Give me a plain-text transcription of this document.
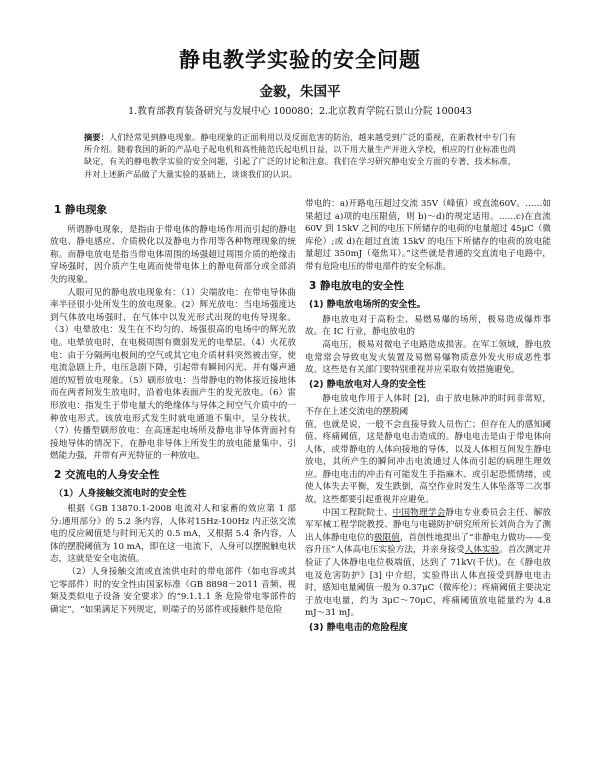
静电教学实验的安全问题
金毅，朱国平
1.教育部教育装备研究与发展中心 100080；2.北京教育学院石景山分院 100043
摘要：人们经常见到静电现象。静电现象的正面利用以及反面危害的防治，越来越受到广泛的重视，在新教材中专门有所介绍。随着我国的新的产品电子起电机和高性能范氏起电机日益，以下用大量生产并进入学校，相应的行业标准也尚缺定，有关的静电教学实验的安全问题，引起了广泛的讨论和注意。我们在学习研究静电安全方面的专著、技术标准，并对上述新产品做了大量实验的基础上，谈谈我们的认识。
1 静电现象

所谓静电现象，是指由于带电体的静电场作用而引起的静电放电、静电感应、介质极化以及静电力作用等各种物理现象的统称。而静电放电是指当带电体周围的场强超过周围介质的绝缘击穿场强时，因介质产生电离而使带电体上的静电荷部分或全部消失的现象。

人眼可见的静电放电现象有：（1）尖端放电：在带电导体曲率半径很小处所发生的放电现象。(2）辉光放电：当电场强度达到气体放电场强时，在气体中以发光形式出现的电传导现象。（3）电晕放电：发生在不均匀的、场强很高的电场中的辉光放电。电晕放电时，在电极周围有微弱发光的电晕层。（4）火花放电：由于分隔两电极间的空气或其它电介质材料突然被击穿，使电流急剧上升，电压急剧下降，引起带有瞬间闪光、并有爆声通道的短暂放电现象。（5）刷形放电：当带静电的物体接近接地体而在两者间发生放电时，沿着电体表面产生的发光放电。（6）雷形放电：指发生于带电量大的绝缘体与导体之间空气介质中的一种放电形式。该放电形式发生时就电通道不集中，呈分枝状。（7）传播型刷形放电：在高速起电场所及静电非导体背面衬有接地导体的情况下，在静电非导体上所发生的放电能量集中、引燃能力强，并带有声光特征的一种放电。

2 交流电的人身安全性
（1）人身接触交流电时的安全性

根据《GB 13870.1-2008 电流对人和家畜的效应第 1 部分:通用部分》的 5.2 条内容，人体对15Hz-100Hz 内正弦交流电的反应阈值是与时间无关的 0.5 mA，又根据 5.4 条内容，人体的摆脱阈值为 10 mA，即在这一电流下，人身可以摆脱触电状态，这就是安全电流值。

（2）人身接触交流或直流供电时的带电部件（如电容或其它零部件）时的安全性由国家标准《GB 8898－2011 音频、视频及类似电子设备 安全要求》的“9.1.1.1 条 危险带电零部件的确定”，“如果满足下列规定，则端子的另部件或接触件是危险

带电的：a)开路电压超过交流 35V（峰值）或直流60V。……如果超过 a)项的电压限值，则 b)～d)的规定适用。……c)在直流 60V 到 15kV 之间的电压下所储存的电荷的电量超过 45μC（微库伦）;或 d)在超过直流 15kV 的电压下所储存的电荷的放电能量超过 350mJ（毫焦耳）。”这些就是普通的交直流电子电路中，带有危险电压的带电部件的安全标准。

3 静电放电的安全性
(1) 静电放电场所的安全性。

静电放电对于高粉尘、易燃易爆的场所，极易造成爆炸事故。在 IC 行业，静电放电的

高电压，极易对微电子电路造成损害。在军工领域，静电放电常常会导致电发火装置及易燃易爆物质意外发火形成恶性事故。这些是有关部门要特别重视并应采取有效措施避免。

(2) 静电放电对人身的安全性

静电放电作用于人体时 [2]，由于放电脉冲的时间非常短，不存在上述交流电的摆脱阈

值，也就是说，一般不会直接导致人员伤亡；但存在人的感知阈值、疼痛阈值，这是静电电击造成的。静电电击是由于带电体向人体，或带静电的人体向接地的导体，以及人体相互间发生静电放电，其所产生的瞬间冲击电流通过人体而引起的病理生理效应。静电电击的冲击有可能发生手指麻木、或引起恐慌情绪，或使人体失去平衡，发生跌倒，高空作业时发生人体坠落等二次事故，这些都要引起重视并应避免。

中国工程院院士、中国物理学会静电专业委员会主任、解放军军械工程学院教授、静电与电磁防护研究所所长刘尚合为了测出人体静电电位的极限值，首创性地提出了“非静电力做功——变容升压”人体高电压实验方法，并亲身接受人体实验。首次测定并验证了人体静电电位极端值，达到了 71kV(千伏)。在《静电放电及危害防护》[3] 中介绍，实验得出人体直接受到静电电击时，感知电量阈值一般为 0.37μC（微库伦）；疼痛阈值主要决定于放电电量，约为 3μC～70μC，疼痛阈值放电能量约为 4.8 mJ～31 mJ。

(3) 静电电击的危险程度
